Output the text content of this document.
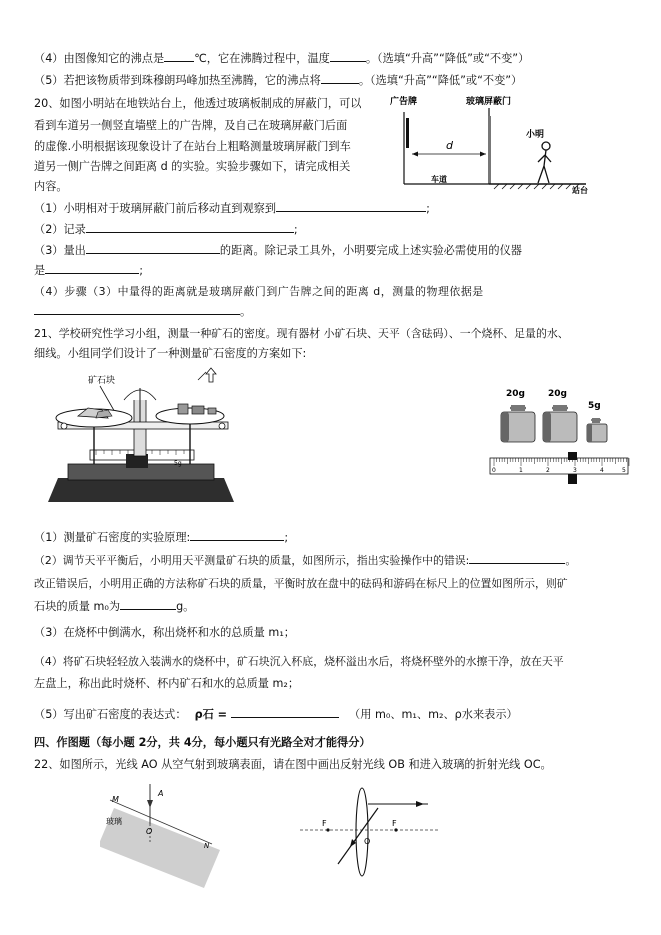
（4）由图像知它的沸点是	℃，它在沸腾过程中，温度	。（选填“升高”“降低”或“不变”）
（5）若把该物质带到珠穆朗玛峰加热至沸腾，它的沸点将	。（选填“升高”“降低”或“不变”）
20、如图小明站在地铁站台上，他透过玻璃板制成的屏蔽门，可以
看到车道另一侧竖直墙壁上的广告牌，及自己在玻璃屏蔽门后面
的虚像.小明根据该现象设计了在站台上粗略测量玻璃屏蔽门到车
道另一侧广告牌之间距离 d 的实验。实验步骤如下，请完成相关
内容。
广告牌	玻璃屏蔽门
d
车道
小明
站台
（1）小明相对于玻璃屏蔽门前后移动直到观察到	;
（2）记录	;
（3）量出	的距离。除记录工具外，小明要完成上述实验必需使用的仪器
是	;
（4）步骤（3）中量得的距离就是玻璃屏蔽门到广告牌之间的距离 d，测量的物理依据是
。
21、学校研究性学习小组，测量一种矿石的密度。现有器材 小矿石块、天平（含砝码）、一个烧杯、足量的水、
细线。小组同学们设计了一种测量矿石密度的方案如下:
矿石块
5g
20g	20g
5g
0	1	2	3	4	5
（1）测量矿石密度的实验原理:	;
（2）调节天平平衡后，小明用天平测量矿石块的质量，如图所示，指出实验操作中的错误:	。
改正错误后，小明用正确的方法称矿石块的质量，平衡时放在盘中的砝码和游码在标尺上的位置如图所示，则矿
石块的质量 m₀为	g。
（3）在烧杯中倒满水，称出烧杯和水的总质量 m₁；
（4）将矿石块轻轻放入装满水的烧杯中，矿石块沉入杯底，烧杯溢出水后，将烧杯壁外的水擦干净，放在天平
左盘上，称出此时烧杯、杯内矿石和水的总质量 m₂；
（5）写出矿石密度的表达式： ρ石 =	（用 m₀、m₁、m₂、ρ水来表示）
四、作图题（每小题 2分，共 4分，每小题只有光路全对才能得分）
22、如图所示，光线 AO 从空气射到玻璃表面，请在图中画出反射光线 OB 和进入玻璃的折射光线 OC。
M
A
玻璃
O
N
F	F
O
